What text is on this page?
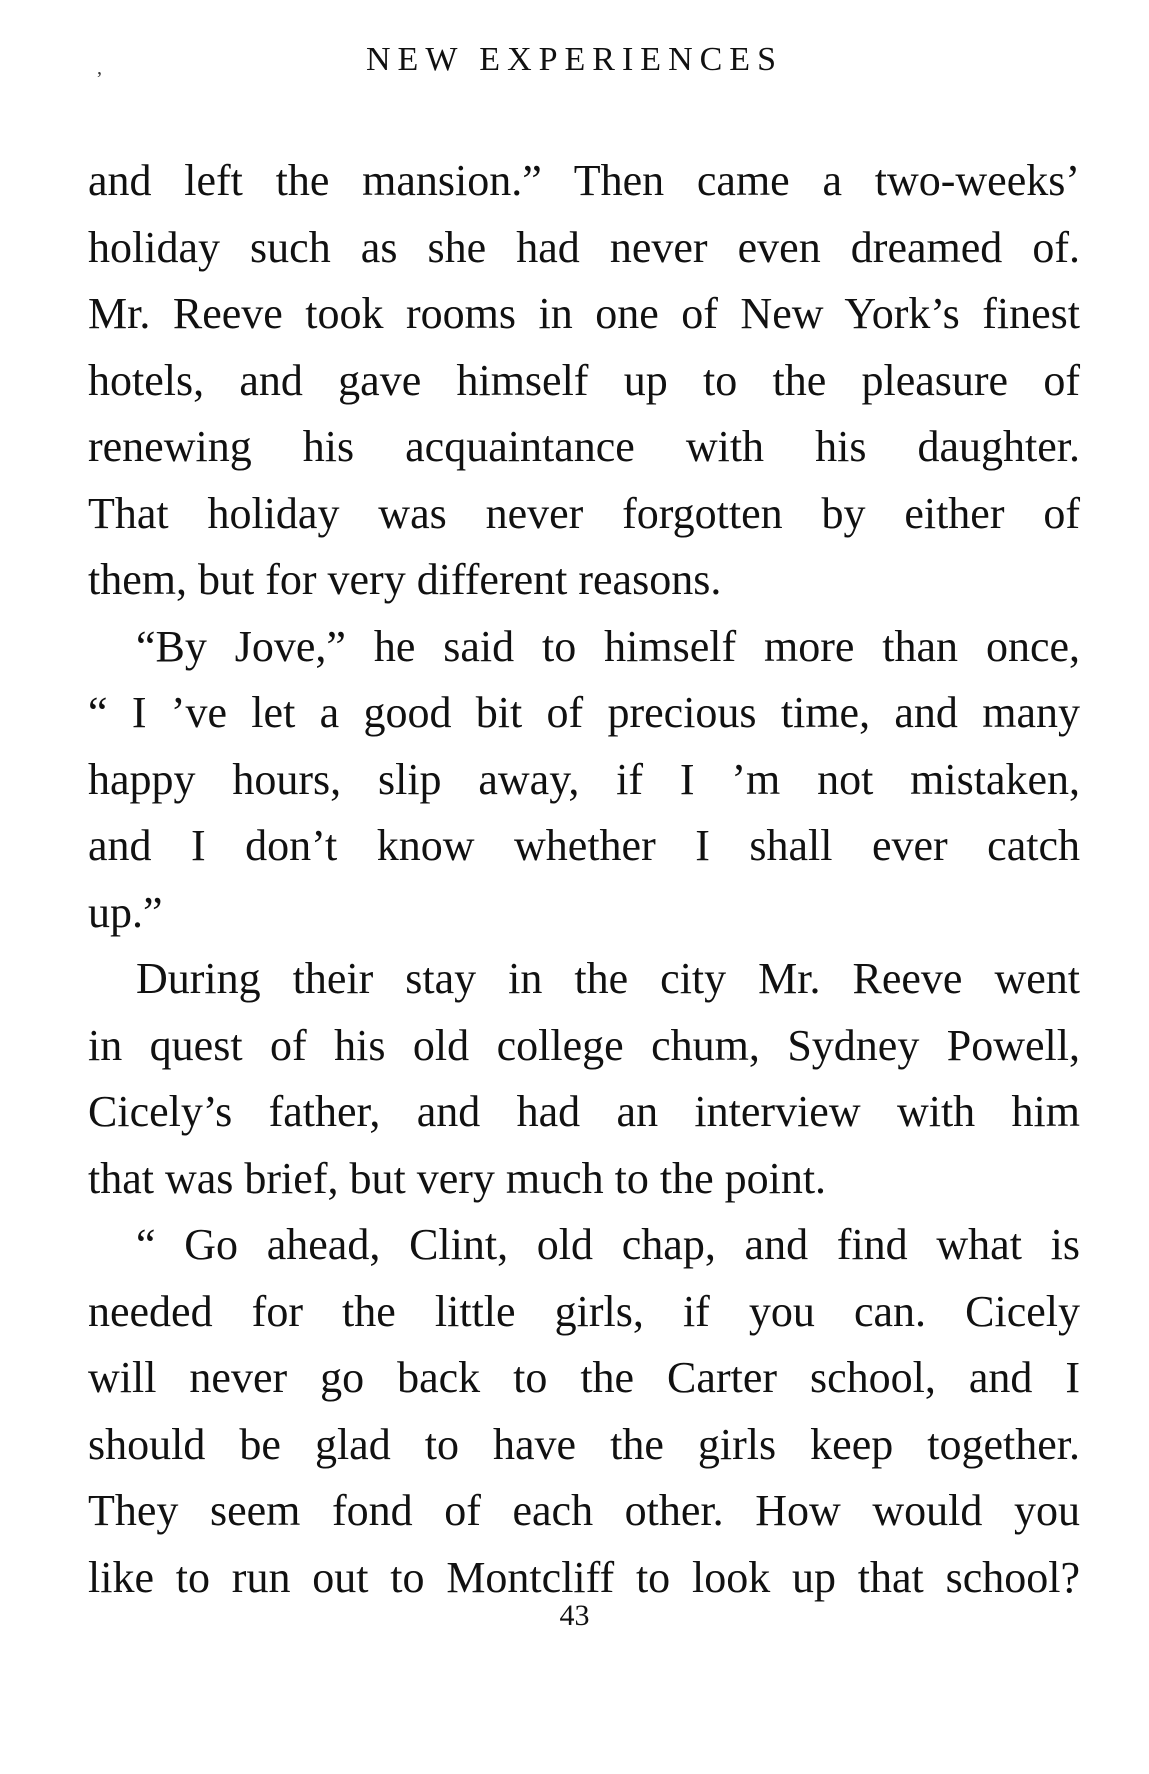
NEW EXPERIENCES
,
and left the mansion.” Then came a two-weeks’
holiday such as she had never even dreamed of.
Mr. Reeve took rooms in one of New York’s finest
hotels, and gave himself up to the pleasure of
renewing his acquaintance with his daughter.
That holiday was never forgotten by either of
them, but for very different reasons.
“By Jove,” he said to himself more than once,
“ I ’ve let a good bit of precious time, and many
happy hours, slip away, if I ’m not mistaken,
and I don’t know whether I shall ever catch
up.”
During their stay in the city Mr. Reeve went
in quest of his old college chum, Sydney Powell,
Cicely’s father, and had an interview with him
that was brief, but very much to the point.
“ Go ahead, Clint, old chap, and find what is
needed for the little girls, if you can. Cicely
will never go back to the Carter school, and I
should be glad to have the girls keep together.
They seem fond of each other. How would you
like to run out to Montcliff to look up that school?
43
